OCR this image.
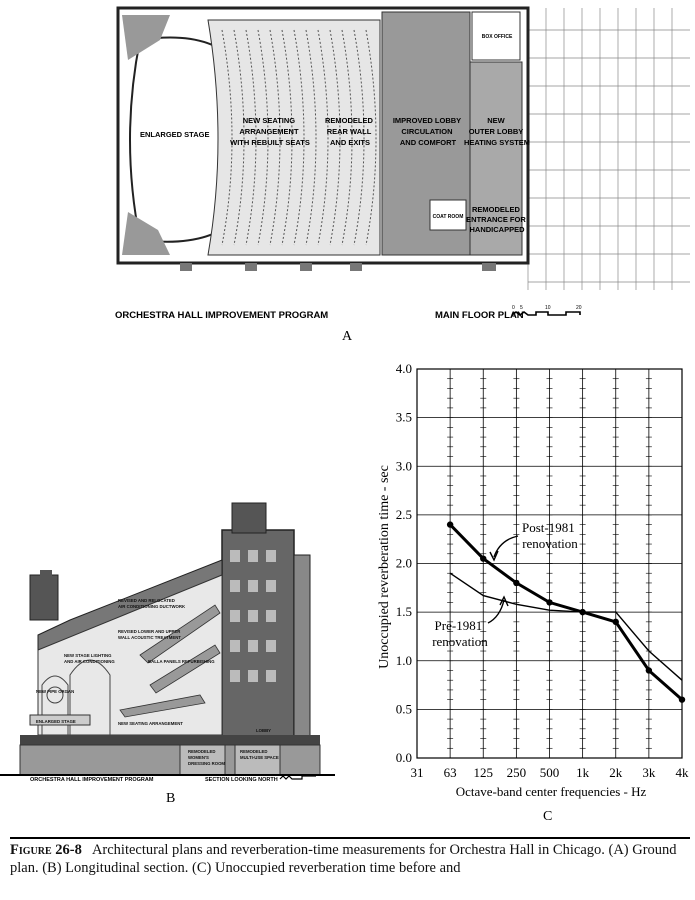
ENLARGED STAGE
NEW SEATING ARRANGEMENT WITH REBUILT SEATS
REMODELED REAR WALL AND EXITS
IMPROVED LOBBY CIRCULATION AND COMFORT
NEW OUTER LOBBY HEATING SYSTEM
REMODELED ENTRANCE FOR HANDICAPPED
COAT ROOM
BOX OFFICE
ORCHESTRA HALL IMPROVEMENT PROGRAM	MAIN FLOOR PLAN
0 5	10	20
A
REVISED AND RELOCATED AIR CONDITIONING DUCTWORK
REVISED LOWER AND UPPER WALL ACOUSTIC TREATMENT
NEW STAGE LIGHTING AND AIR CONDITIONING	BALLA PANELS REFURBISHING
NEW PIPE ORGAN
ENLARGED STAGE	NEW SEATING ARRANGEMENT
LOBBY
REMODELED WOMEN'S DRESSING ROOM
REMODELED MULTI-USE SPACE
ORCHESTRA HALL IMPROVEMENT PROGRAM	SECTION LOOKING NORTH
B
0.0
0.5
1.0
1.5
2.0
2.5
3.0
3.5
4.0
31 63 125 250 500 1k 2k 3k 4k
Unoccupied reverberation time - sec
Octave-band center frequencies - Hz
C
Post-1981 renovation
Pre-1981 renovation
Figure 26-8 Architectural plans and reverberation-time measurements for Orchestra Hall in Chicago. (A) Ground plan. (B) Longitudinal section. (C) Unoccupied reverberation time before and
